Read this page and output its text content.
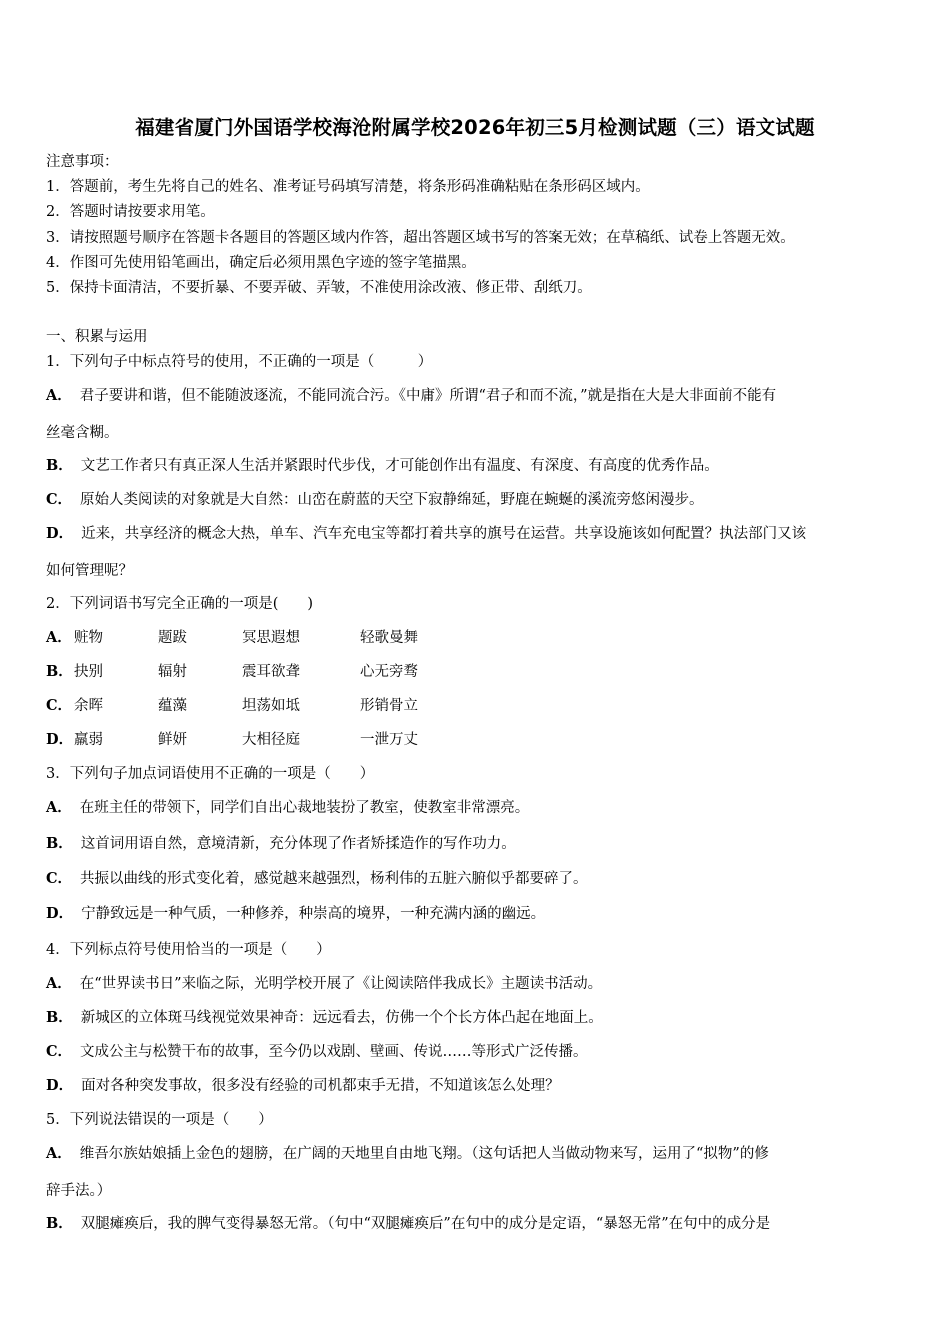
福建省厦门外国语学校海沧附属学校2026年初三5月检测试题（三）语文试题
注意事项：
1．答题前，考生先将自己的姓名、准考证号码填写清楚，将条形码准确粘贴在条形码区域内。
2．答题时请按要求用笔。
3．请按照题号顺序在答题卡各题目的答题区域内作答，超出答题区域书写的答案无效；在草稿纸、试卷上答题无效。
4．作图可先使用铅笔画出，确定后必须用黑色字迹的签字笔描黑。
5．保持卡面清洁，不要折暴、不要弄破、弄皱，不准使用涂改液、修正带、刮纸刀。
一、积累与运用
1．下列句子中标点符号的使用，不正确的一项是（　　　）
A． 君子要讲和谐，但不能随波逐流，不能同流合污。《中庸》所谓“君子和而不流，”就是指在大是大非面前不能有
丝毫含糊。
B． 文艺工作者只有真正深人生活并紧跟时代步伐，才可能创作出有温度、有深度、有高度的优秀作品。
C． 原始人类阅读的对象就是大自然：山峦在蔚蓝的天空下寂静绵延，野鹿在蜿蜒的溪流旁悠闲漫步。
D． 近来，共享经济的概念大热，单车、汽车充电宝等都打着共享的旗号在运营。共享设施该如何配置？执法部门又该
如何管理呢？
2．下列词语书写完全正确的一项是(　　)
A． 赃物	题跋	冥思遐想	轻歌曼舞
B． 抉别	辐射	震耳欲聋	心无旁骛
C． 余晖	蕴藻	坦荡如坻	形销骨立
D． 羸弱	鲜妍	大相径庭	一泄万丈
3．下列句子加点词语使用不正确的一项是（　　）
A． 在班主任的带领下，同学们自出心裁地装扮了教室，使教室非常漂亮。
B． 这首词用语自然，意境清新，充分体现了作者矫揉造作的写作功力。
C． 共振以曲线的形式变化着，感觉越来越强烈，杨利伟的五脏六腑似乎都要碎了。
D． 宁静致远是一种气质，一种修养，种崇高的境界，一种充满内涵的幽远。
4．下列标点符号使用恰当的一项是（　　）
A． 在“世界读书日”来临之际，光明学校开展了《让阅读陪伴我成长》主题读书活动。
B． 新城区的立体斑马线视觉效果神奇：远远看去，仿佛一个个长方体凸起在地面上。
C． 文成公主与松赞干布的故事，至今仍以戏剧、壁画、传说……等形式广泛传播。
D． 面对各种突发事故，很多没有经验的司机都束手无措，不知道该怎么处理？
5．下列说法错误的一项是（　　）
A． 维吾尔族姑娘插上金色的翅膀，在广阔的天地里自由地飞翔。（这句话把人当做动物来写，运用了“拟物”的修
辞手法。）
B． 双腿瘫痪后，我的脾气变得暴怒无常。（句中“双腿瘫痪后”在句中的成分是定语，“暴怒无常”在句中的成分是
